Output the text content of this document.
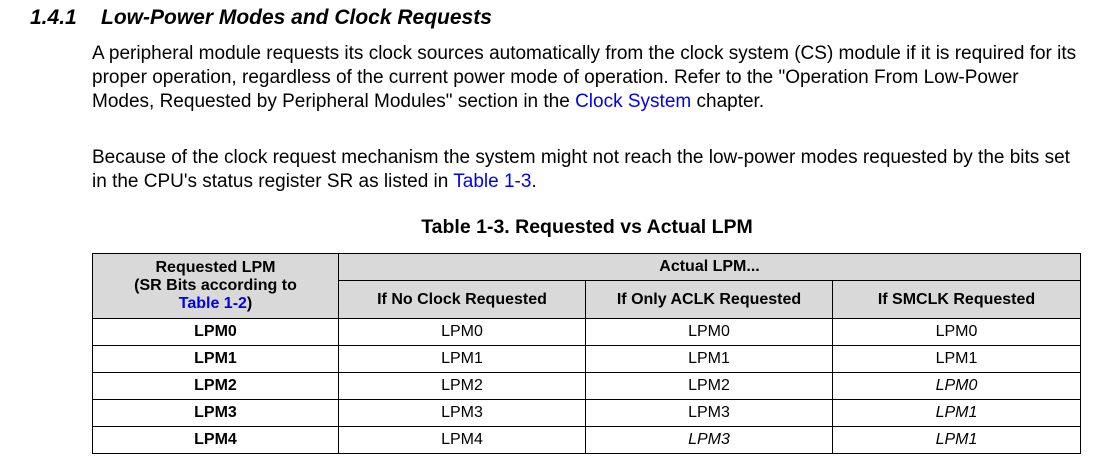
1.4.1 Low-Power Modes and Clock Requests

A peripheral module requests its clock sources automatically from the clock system (CS) module if it is required for its proper operation, regardless of the current power mode of operation. Refer to the "Operation From Low-Power Modes, Requested by Peripheral Modules" section in the Clock System chapter.

Because of the clock request mechanism the system might not reach the low-power modes requested by the bits set in the CPU's status register SR as listed in Table 1-3.

Table 1-3. Requested vs Actual LPM
Requested LPM
(SR Bits according to
Table 1-2)	Actual LPM...		
	If No Clock Requested	If Only ACLK Requested	If SMCLK Requested
LPM0	LPM0	LPM0	LPM0
LPM1	LPM1	LPM1	LPM1
LPM2	LPM2	LPM2	LPM0
LPM3	LPM3	LPM3	LPM1
LPM4	LPM4	LPM3	LPM1
